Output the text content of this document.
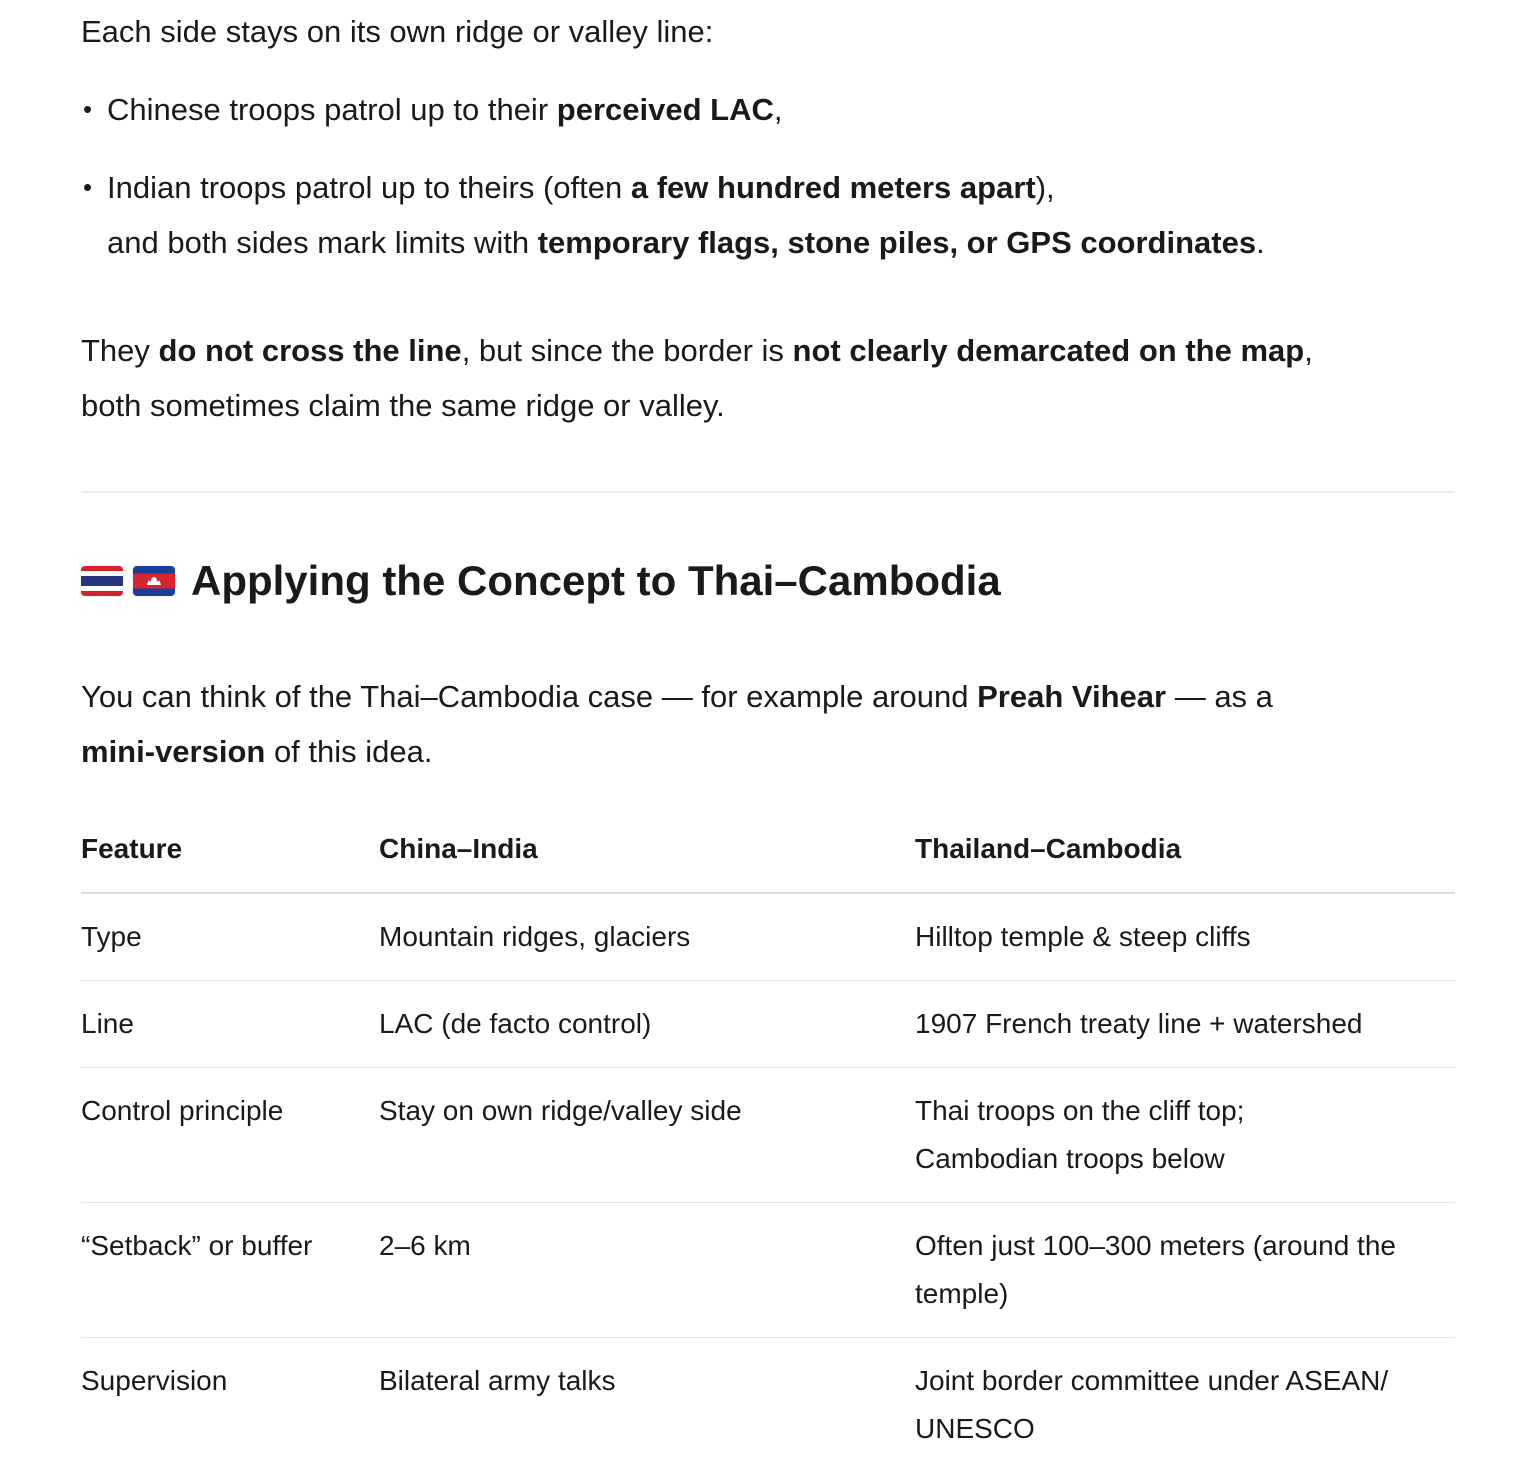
Each side stays on its own ridge or valley line:

• Chinese troops patrol up to their perceived LAC,
• Indian troops patrol up to theirs (often a few hundred meters apart),
and both sides mark limits with temporary flags, stone piles, or GPS coordinates.

They do not cross the line, but since the border is not clearly demarcated on the map,
both sometimes claim the same ridge or valley.

Applying the Concept to Thai–Cambodia

You can think of the Thai–Cambodia case — for example around Preah Vihear — as a
mini-version of this idea.

Feature	China–India	Thailand–Cambodia
Type	Mountain ridges, glaciers	Hilltop temple & steep cliffs
Line	LAC (de facto control)	1907 French treaty line + watershed
Control principle	Stay on own ridge/valley side	Thai troops on the cliff top;
Cambodian troops below
“Setback” or buffer	2–6 km	Often just 100–300 meters (around the temple)
Supervision	Bilateral army talks	Joint border committee under ASEAN/ UNESCO
